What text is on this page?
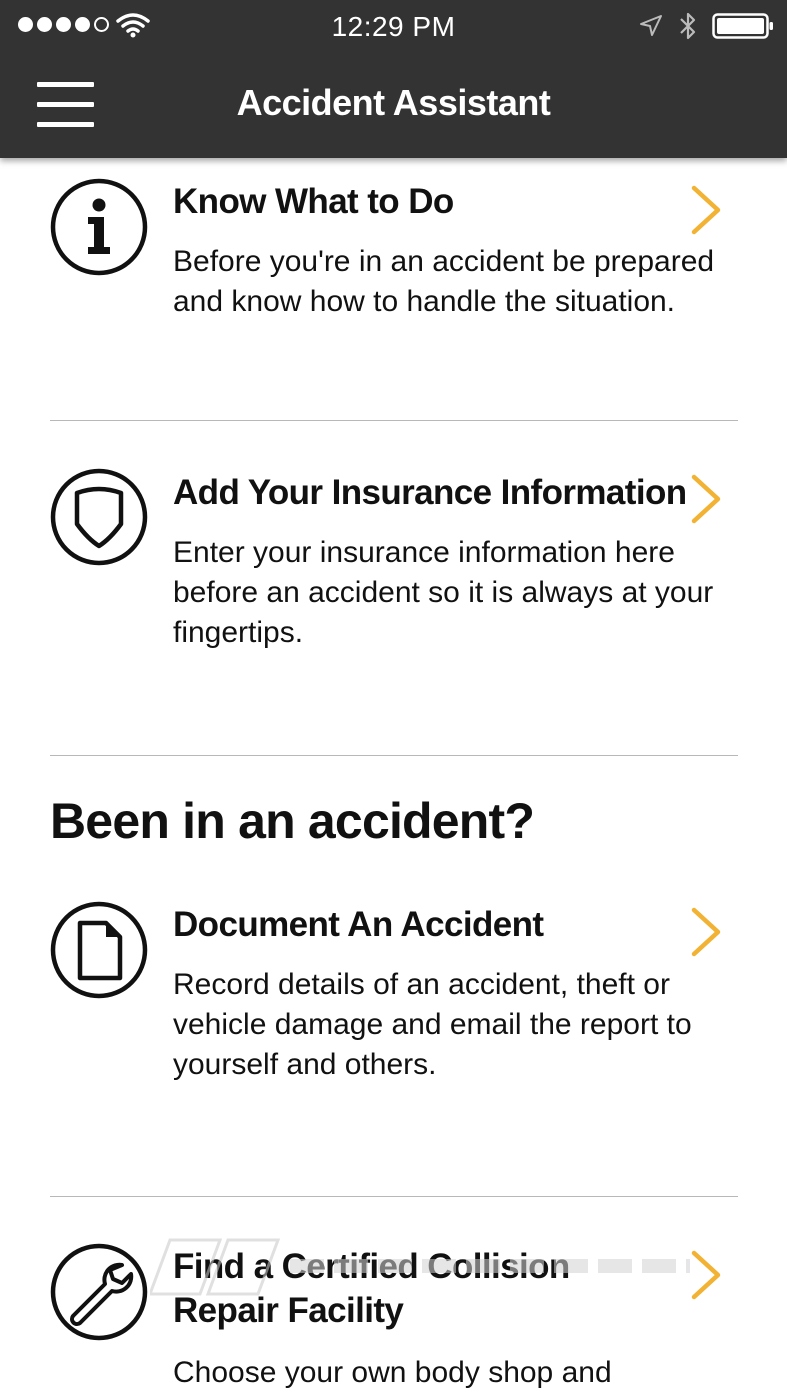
12:29 PM
Accident Assistant
Know What to Do
Before you're in an accident be prepared and know how to handle the situation.
Add Your Insurance Information
Enter your insurance information here before an accident so it is always at your fingertips.
Been in an accident?
Document An Accident
Record details of an accident, theft or vehicle damage and email the report to yourself and others.
Find a Certified Collision Repair Facility
Choose your own body shop and
